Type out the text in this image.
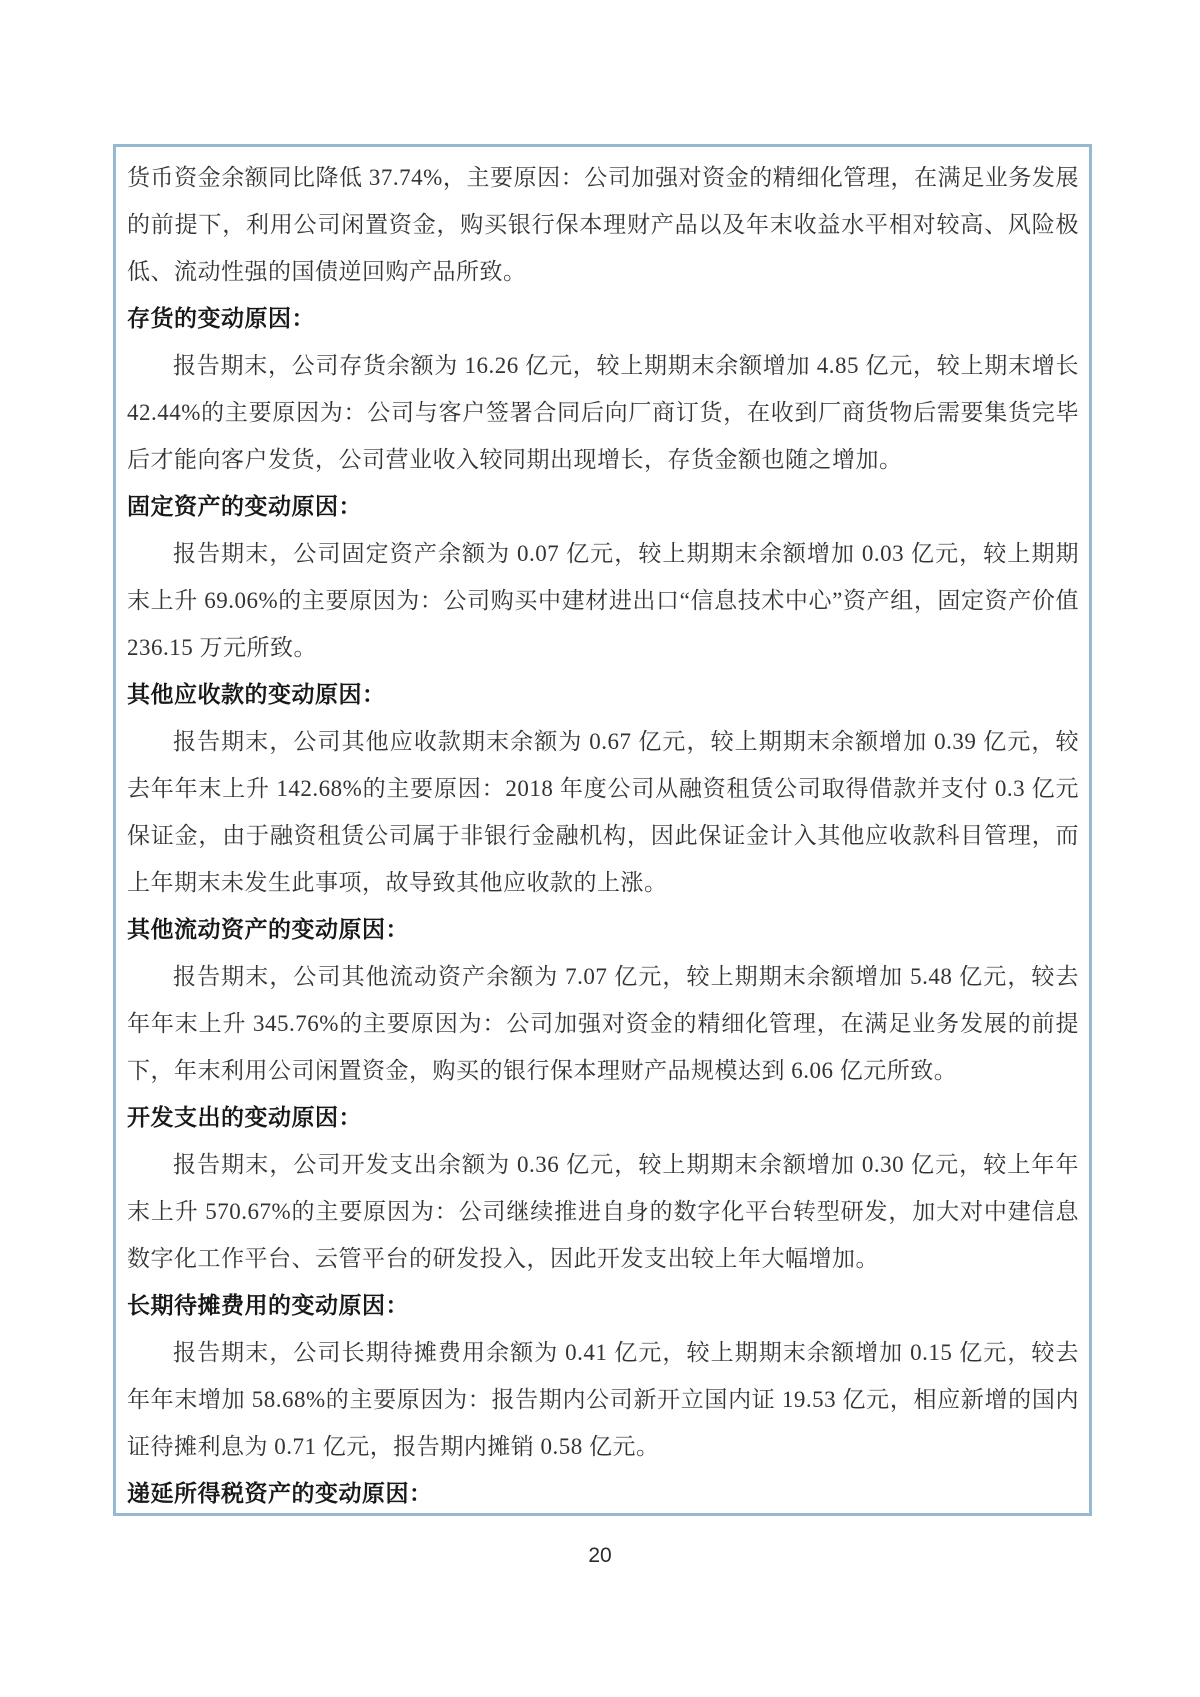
货币资金余额同比降低 37.74%，主要原因：公司加强对资金的精细化管理，在满足业务发展的前提下，利用公司闲置资金，购买银行保本理财产品以及年末收益水平相对较高、风险极低、流动性强的国债逆回购产品所致。

存货的变动原因：

报告期末，公司存货余额为 16.26 亿元，较上期期末余额增加 4.85 亿元，较上期末增长 42.44%的主要原因为：公司与客户签署合同后向厂商订货，在收到厂商货物后需要集货完毕后才能向客户发货，公司营业收入较同期出现增长，存货金额也随之增加。

固定资产的变动原因：

报告期末，公司固定资产余额为 0.07 亿元，较上期期末余额增加 0.03 亿元，较上期期末上升 69.06%的主要原因为：公司购买中建材进出口“信息技术中心”资产组，固定资产价值 236.15 万元所致。

其他应收款的变动原因：

报告期末，公司其他应收款期末余额为 0.67 亿元，较上期期末余额增加 0.39 亿元，较去年年末上升 142.68%的主要原因：2018 年度公司从融资租赁公司取得借款并支付 0.3 亿元保证金，由于融资租赁公司属于非银行金融机构，因此保证金计入其他应收款科目管理，而上年期末未发生此事项，故导致其他应收款的上涨。

其他流动资产的变动原因：

报告期末，公司其他流动资产余额为 7.07 亿元，较上期期末余额增加 5.48 亿元，较去年年末上升 345.76%的主要原因为：公司加强对资金的精细化管理，在满足业务发展的前提下，年末利用公司闲置资金，购买的银行保本理财产品规模达到 6.06 亿元所致。

开发支出的变动原因：

报告期末，公司开发支出余额为 0.36 亿元，较上期期末余额增加 0.30 亿元，较上年年末上升 570.67%的主要原因为：公司继续推进自身的数字化平台转型研发，加大对中建信息数字化工作平台、云管平台的研发投入，因此开发支出较上年大幅增加。

长期待摊费用的变动原因：

报告期末，公司长期待摊费用余额为 0.41 亿元，较上期期末余额增加 0.15 亿元，较去年年末增加 58.68%的主要原因为：报告期内公司新开立国内证 19.53 亿元，相应新增的国内证待摊利息为 0.71 亿元，报告期内摊销 0.58 亿元。

递延所得税资产的变动原因：

20
